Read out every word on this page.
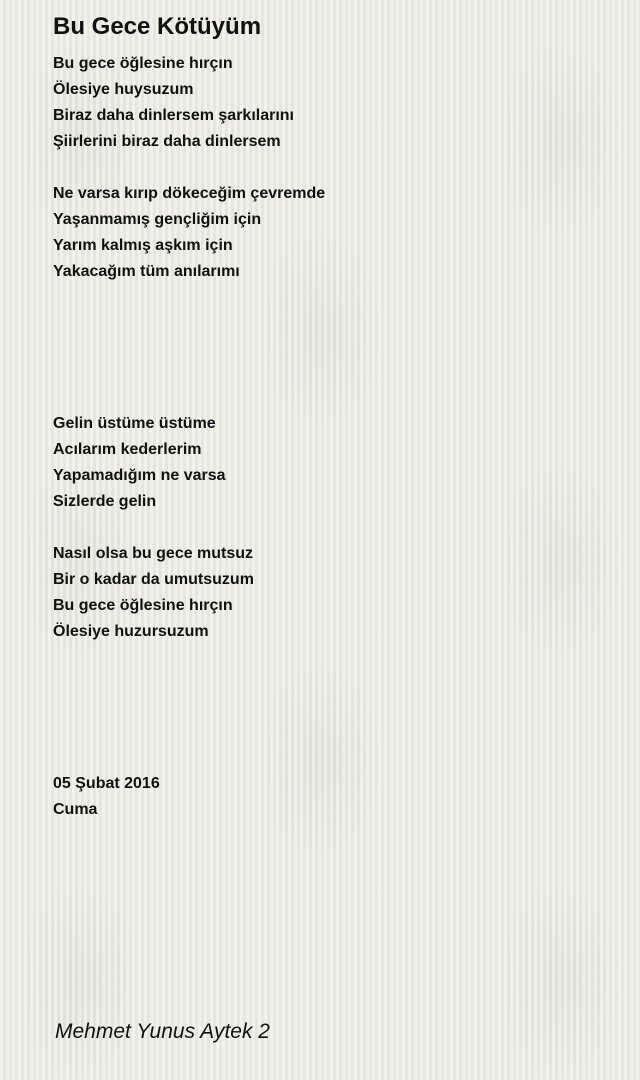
Bu Gece Kötüyüm
Bu gece öğlesine hırçın
Ölesiye huysuzum
Biraz daha dinlersem şarkılarını
Şiirlerini biraz daha dinlersem
Ne varsa kırıp dökeceğim çevremde
Yaşanmamış gençliğim için
Yarım kalmış aşkım için
Yakacağım tüm anılarımı
Gelin üstüme üstüme
Acılarım kederlerim
Yapamadığım ne varsa
Sizlerde gelin
Nasıl olsa bu gece mutsuz
Bir o kadar da umutsuzum
Bu gece öğlesine hırçın
Ölesiye huzursuzum
05 Şubat 2016
Cuma
Mehmet Yunus Aytek 2
